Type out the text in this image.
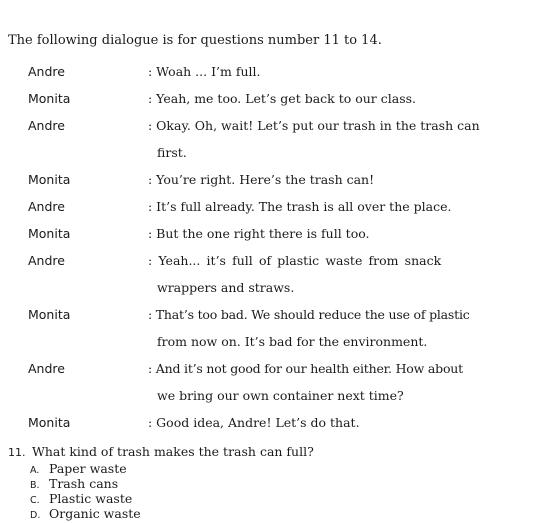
The following dialogue is for questions number 11 to 14.
Andre	: Woah ... I’m full.
Monita	: Yeah, me too. Let’s get back to our class.
Andre	: Okay. Oh, wait! Let’s put our trash in the trash can
first.
Monita	: You’re right. Here’s the trash can!
Andre	: It’s full already. The trash is all over the place.
Monita	: But the one right there is full too.
Andre	: Yeah... it’s full of plastic waste from snack
wrappers and straws.
Monita	: That’s too bad. We should reduce the use of plastic
from now on. It’s bad for the environment.
Andre	: And it’s not good for our health either. How about
we bring our own container next time?
Monita	: Good idea, Andre! Let’s do that.
11. What kind of trash makes the trash can full?
A. Paper waste
B. Trash cans
C. Plastic waste
D. Organic waste
